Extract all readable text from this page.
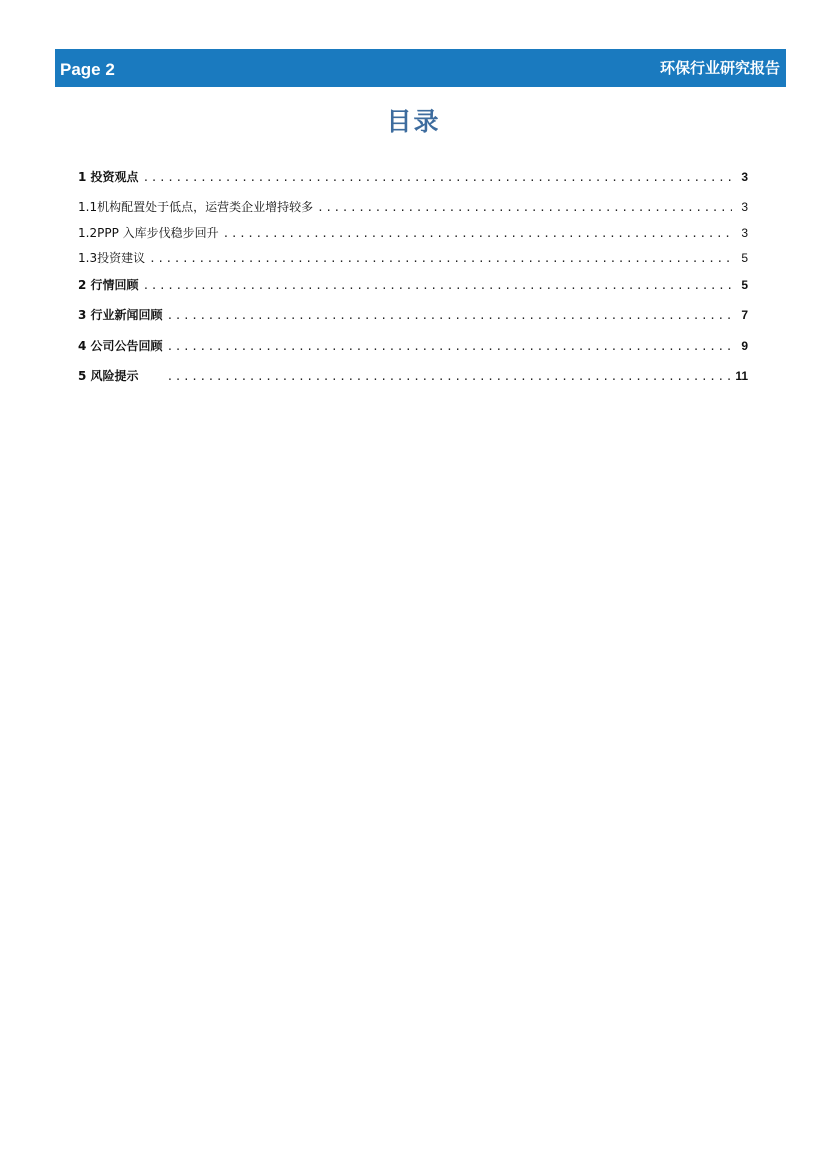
Page 2	环保行业研究报告
目录
1 投资观点 .....	3
1.1 机构配置处于低点，运营类企业增持较多 .....	3
1.2 PPP 入库步伐稳步回升 .....	3
1.3 投资建议 .....	5
2 行情回顾 .....	5
3 行业新闻回顾 .....	7
4 公司公告回顾 .....	9
5 风险提示 .....	11
